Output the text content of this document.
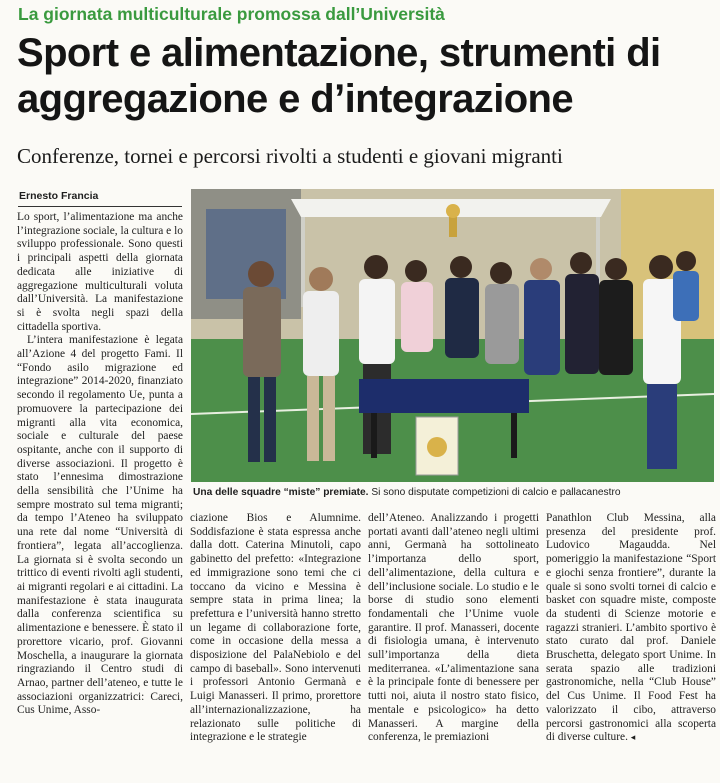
La giornata multiculturale promossa dall’Università
Sport e alimentazione, strumenti di aggregazione e d’integrazione
Conferenze, tornei e percorsi rivolti a studenti e giovani migranti
Ernesto Francia

Lo sport, l’alimentazione ma anche l’integrazione sociale, la cultura e lo sviluppo professionale. Sono questi i principali aspetti della giornata dedicata alle iniziative di aggregazione multiculturali voluta dall’Università. La manifestazione si è svolta negli spazi della cittadella sportiva.

L’intera manifestazione è legata all’Azione 4 del progetto Fami. Il “Fondo asilo migrazione ed integrazione” 2014-2020, finanziato secondo il regolamento Ue, punta a promuovere la partecipazione dei migranti alla vita economica, sociale e culturale del paese ospitante, anche con il supporto di diverse associazioni. Il progetto è stato l’ennesima dimostrazione della sensibilità che l’Unime ha sempre mostrato sul tema migranti; da tempo l’Ateneo ha sviluppato una rete dal nome “Università di frontiera”, legata all’accoglienza. La giornata si è svolta secondo un trittico di eventi rivolti agli studenti, ai migranti regolari e ai cittadini. La manifestazione è stata inaugurata dalla conferenza scientifica su alimentazione e benessere. È stato il prorettore vicario, prof. Giovanni Moschella, a inaugurare la giornata ringraziando il Centro studi di Arnao, partner dell’ateneo, e tutte le associazioni organizzatrici: Careci, Cus Unime, Asso-

Una delle squadre “miste” premiate. Si sono disputate competizioni di calcio e pallacanestro

ciazione Bios e Alumnime. Soddisfazione è stata espressa anche dalla dott. Caterina Minutoli, capo gabinetto del prefetto: «Integrazione ed immigrazione sono temi che ci toccano da vicino e Messina è sempre stata in prima linea; la prefettura e l’università hanno stretto un legame di collaborazione forte, come in occasione della messa a disposizione del PalaNebiolo e del campo di baseball». Sono intervenuti i professori Antonio Germanà e Luigi Manasseri. Il primo, prorettore all’internazionalizzazione, ha relazionato sulle politiche di integrazione e le strategie

dell’Ateneo. Analizzando i progetti portati avanti dall’ateneo negli ultimi anni, Germanà ha sottolineato l’importanza dello sport, dell’alimentazione, della cultura e dell’inclusione sociale. Lo studio e le borse di studio sono elementi fondamentali che l’Unime vuole garantire. Il prof. Manasseri, docente di fisiologia umana, è intervenuto sull’importanza della dieta mediterranea. «L’alimentazione sana è la principale fonte di benessere per tutti noi, aiuta il nostro stato fisico, mentale e psicologico» ha detto Manasseri. A margine della conferenza, le premiazioni

Panathlon Club Messina, alla presenza del presidente prof. Ludovico Magaudda. Nel pomeriggio la manifestazione “Sport e giochi senza frontiere”, durante la quale si sono svolti tornei di calcio e basket con squadre miste, composte da studenti di Scienze motorie e ragazzi stranieri. L’ambito sportivo è stato curato dal prof. Daniele Bruschetta, delegato sport Unime. In serata spazio alle tradizioni gastronomiche, nella “Club House” del Cus Unime. Il Food Fest ha valorizzato il cibo, attraverso percorsi gastronomici alla scoperta di diverse culture. ◂
